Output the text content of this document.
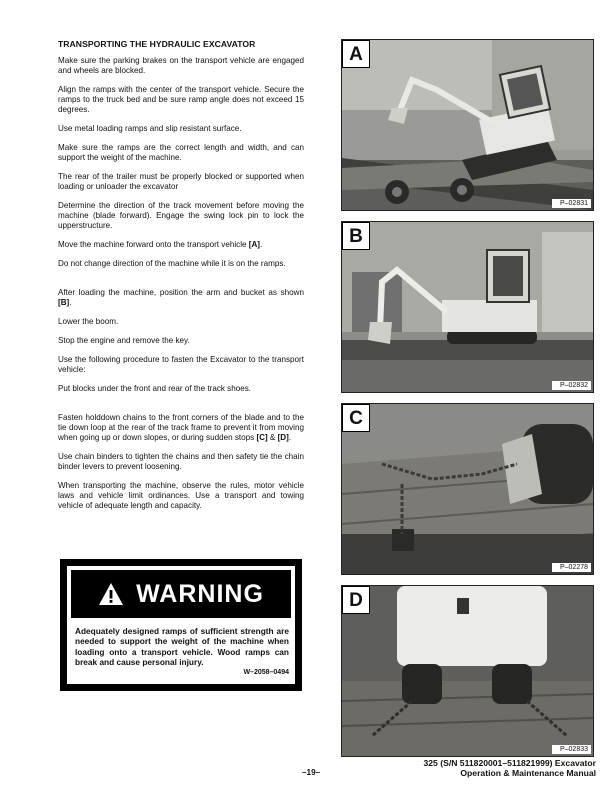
TRANSPORTING THE HYDRAULIC EXCAVATOR

Make sure the parking brakes on the transport vehicle are engaged and wheels are blocked.

Align the ramps with the center of the transport vehicle. Secure the ramps to the truck bed and be sure ramp angle does not exceed 15 degrees.

Use metal loading ramps and slip resistant surface.

Make sure the ramps are the correct length and width, and can support the weight of the machine.

The rear of the trailer must be properly blocked or supported when loading or unloader the excavator

Determine the direction of the track movement before moving the machine (blade forward). Engage the swing lock pin to lock the upperstructure.

Move the machine forward onto the transport vehicle [A].

Do not change direction of the machine while it is on the ramps.

After loading the machine, position the arm and bucket as shown [B].

Lower the boom.

Stop the engine and remove the key.

Use the following procedure to fasten the Excavator to the transport vehicle:

Put blocks under the front and rear of the track shoes.

Fasten holddown chains to the front corners of the blade and to the tie down loop at the rear of the track frame to prevent it from moving when going up or down slopes, or during sudden stops [C] & [D].

Use chain binders to tighten the chains and then safety tie the chain binder levers to prevent loosening.

When transporting the machine, observe the rules, motor vehicle laws and vehicle limit ordinances. Use a transport and towing vehicle of adequate length and capacity.

WARNING
Adequately designed ramps of sufficient strength are needed to support the weight of the machine when loading onto a transport vehicle. Wood ramps can break and cause personal injury.
W–2058–0494
A
P–02831
B
P–02832
C
P–02278
D
P–02833
–19–
325 (S/N 511820001–511821999) Excavator
Operation & Maintenance Manual
